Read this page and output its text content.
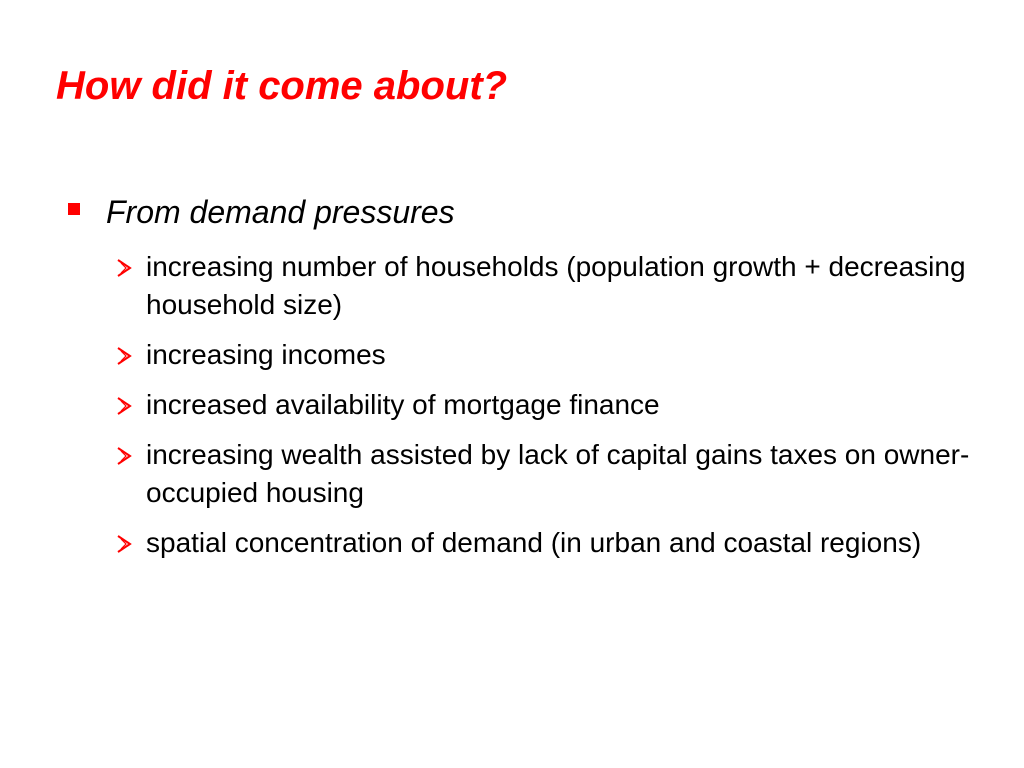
How did it come about?
From demand pressures
increasing number of households (population growth + decreasing household size)
increasing incomes
increased availability of mortgage finance
increasing wealth assisted by lack of capital gains taxes on owner-occupied housing
spatial concentration of demand (in urban and coastal regions)
